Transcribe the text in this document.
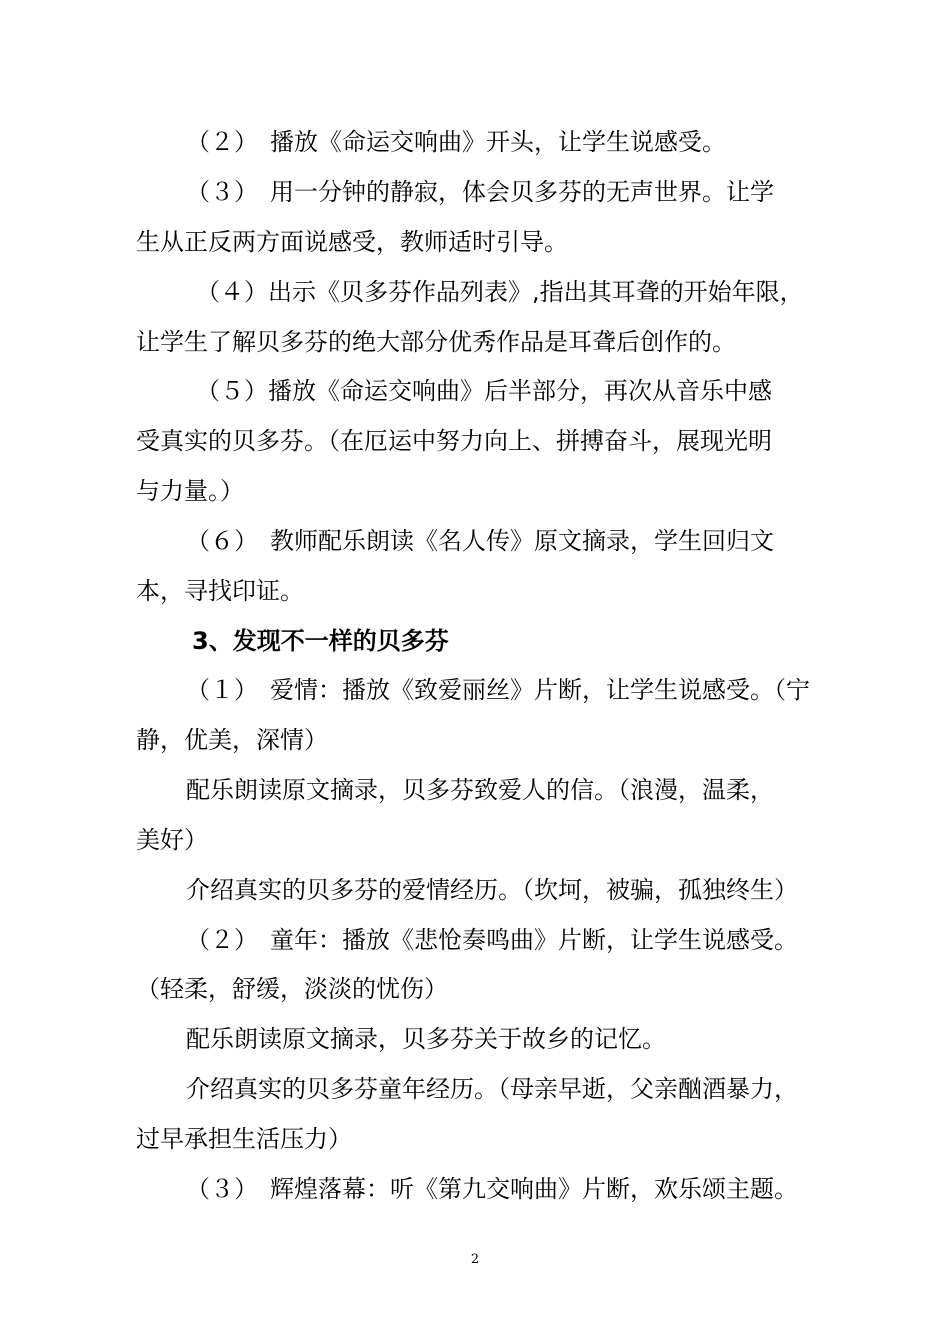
（２）　播放《命运交响曲》开头，让学生说感受。
（３）　用一分钟的静寂，体会贝多芬的无声世界。让学
生从正反两方面说感受，教师适时引导。
（４）出示《贝多芬作品列表》,指出其耳聋的开始年限，
让学生了解贝多芬的绝大部分优秀作品是耳聋后创作的。
（５）播放《命运交响曲》后半部分，再次从音乐中感
受真实的贝多芬。（在厄运中努力向上、拼搏奋斗，展现光明
与力量。）
（６）　教师配乐朗读《名人传》原文摘录，学生回归文
本，寻找印证。
3、发现不一样的贝多芬
（１）　爱情：播放《致爱丽丝》片断，让学生说感受。（宁
静，优美，深情）
配乐朗读原文摘录，贝多芬致爱人的信。（浪漫，温柔，
美好）
介绍真实的贝多芬的爱情经历。（坎坷，被骗，孤独终生）
（２）　童年：播放《悲怆奏鸣曲》片断，让学生说感受。
（轻柔，舒缓，淡淡的忧伤）
配乐朗读原文摘录，贝多芬关于故乡的记忆。
介绍真实的贝多芬童年经历。（母亲早逝，父亲酗酒暴力，
过早承担生活压力）
（３）　辉煌落幕：听《第九交响曲》片断，欢乐颂主题。
2
